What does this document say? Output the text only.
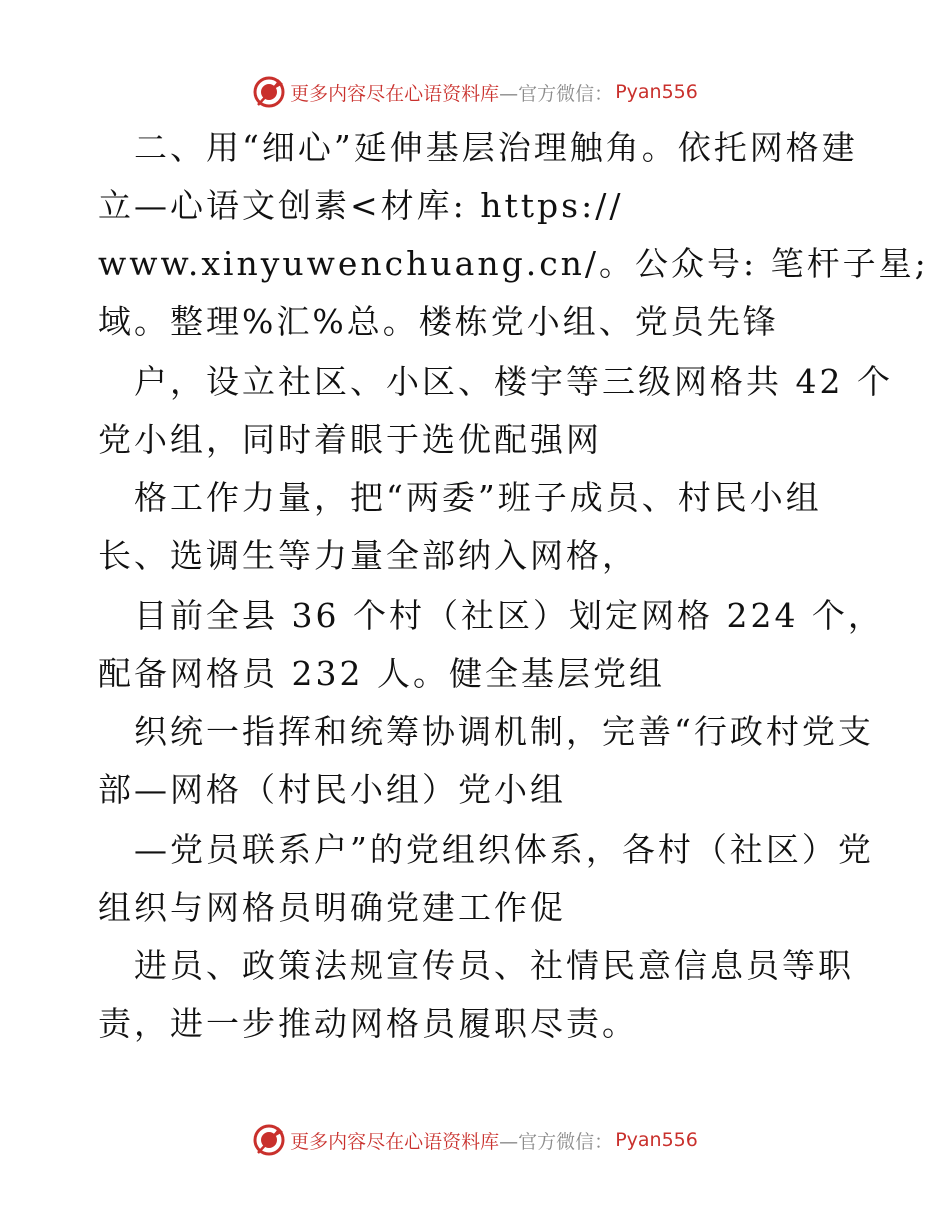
更多内容尽在心语资料库 —官方微信： Pyan556
　二、用“细心”延伸基层治理触角。依托网格建
立—心语文创素<材库: https://
www.xinyuwenchuang.cn/。公众号: 笔杆子星;
域。整理%汇%总。楼栋党小组、党员先锋
　户，设立社区、小区、楼宇等三级网格共 42 个
党小组，同时着眼于选优配强网
　格工作力量，把“两委”班子成员、村民小组
长、选调生等力量全部纳入网格，
　目前全县 36 个村（社区）划定网格 224 个，
配备网格员 232 人。健全基层党组
　织统一指挥和统筹协调机制，完善“行政村党支
部—网格（村民小组）党小组
　—党员联系户”的党组织体系，各村（社区）党
组织与网格员明确党建工作促
　进员、政策法规宣传员、社情民意信息员等职
责，进一步推动网格员履职尽责。
更多内容尽在心语资料库 —官方微信： Pyan556
